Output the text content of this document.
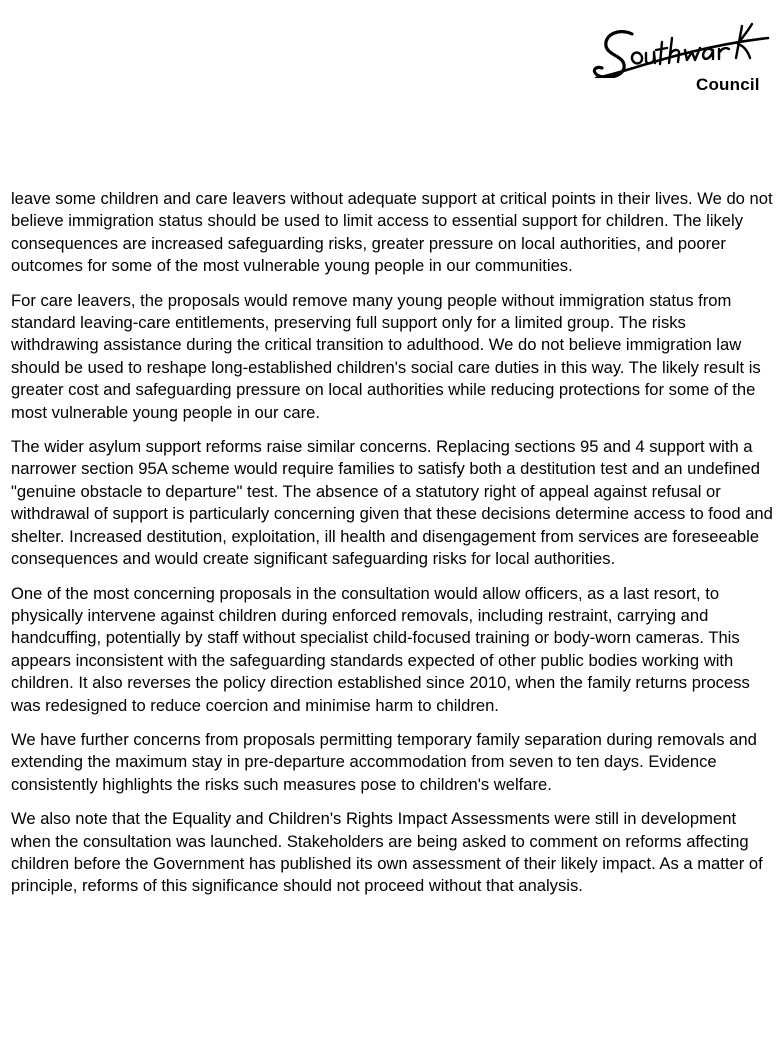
Council

leave some children and care leavers without adequate support at critical points in their lives. We do not believe immigration status should be used to limit access to essential support for children. The likely consequences are increased safeguarding risks, greater pressure on local authorities, and poorer outcomes for some of the most vulnerable young people in our communities.

For care leavers, the proposals would remove many young people without immigration status from standard leaving-care entitlements, preserving full support only for a limited group. The risks withdrawing assistance during the critical transition to adulthood. We do not believe immigration law should be used to reshape long-established children's social care duties in this way. The likely result is greater cost and safeguarding pressure on local authorities while reducing protections for some of the most vulnerable young people in our care.

The wider asylum support reforms raise similar concerns. Replacing sections 95 and 4 support with a narrower section 95A scheme would require families to satisfy both a destitution test and an undefined "genuine obstacle to departure" test. The absence of a statutory right of appeal against refusal or withdrawal of support is particularly concerning given that these decisions determine access to food and shelter. Increased destitution, exploitation, ill health and disengagement from services are foreseeable consequences and would create significant safeguarding risks for local authorities.

One of the most concerning proposals in the consultation would allow officers, as a last resort, to physically intervene against children during enforced removals, including restraint, carrying and handcuffing, potentially by staff without specialist child-focused training or body-worn cameras. This appears inconsistent with the safeguarding standards expected of other public bodies working with children. It also reverses the policy direction established since 2010, when the family returns process was redesigned to reduce coercion and minimise harm to children.

We have further concerns from proposals permitting temporary family separation during removals and extending the maximum stay in pre-departure accommodation from seven to ten days. Evidence consistently highlights the risks such measures pose to children's welfare.

We also note that the Equality and Children's Rights Impact Assessments were still in development when the consultation was launched. Stakeholders are being asked to comment on reforms affecting children before the Government has published its own assessment of their likely impact. As a matter of principle, reforms of this significance should not proceed without that analysis.
